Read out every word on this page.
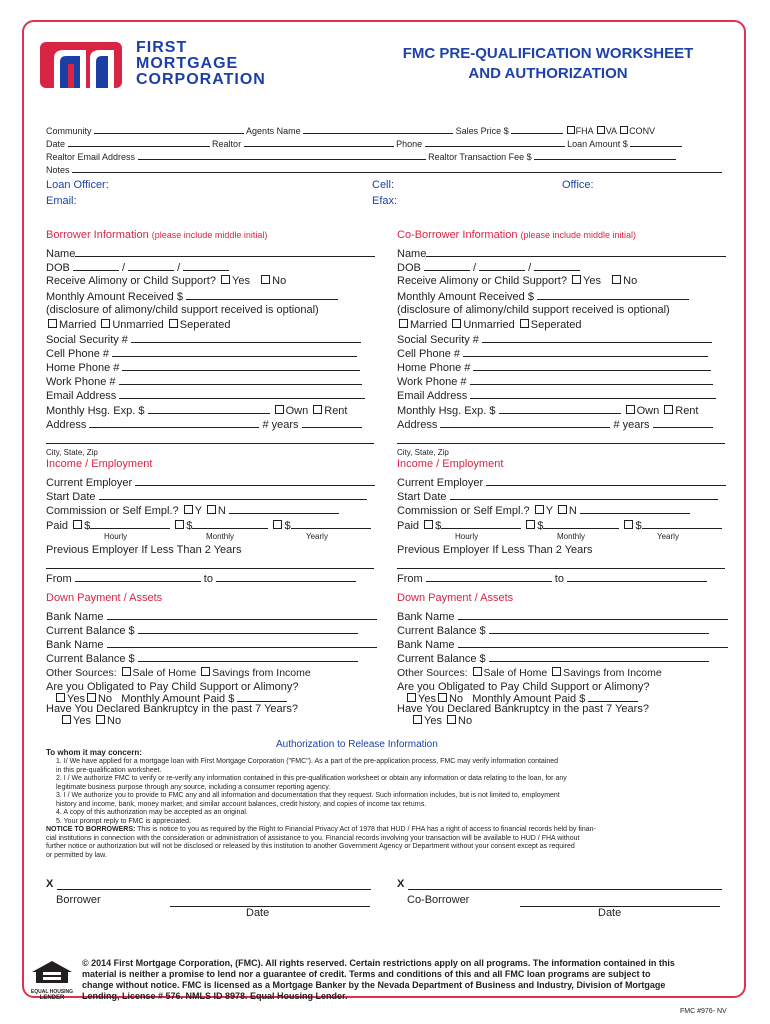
FIRST
MORTGAGE
CORPORATION
FMC PRE-QUALIFICATION WORKSHEET
AND AUTHORIZATION
Community	Agents Name	Sales Price $	FHA VA CONV
Date	Realtor	Phone	Loan Amount $
Realtor Email Address	Realtor Transaction Fee $
Notes
Loan Officer:	Cell:	Office:
Email:	Efax:
Borrower Information (please include middle initial)
Name
DOB	/	/
Receive Alimony or Child Support? Yes No
Monthly Amount Received $
(disclosure of alimony/child support received is optional)
Married Unmarried Seperated
Social Security #
Cell Phone #
Home Phone #
Work Phone #
Email Address
Monthly Hsg. Exp. $	Own Rent
Address	# years
City, State, Zip
Income / Employment
Current Employer
Start Date
Commission or Self Empl.? Y N
Paid $	$	$
Hourly	Monthly	Yearly
Previous Employer If Less Than 2 Years
From	to
Down Payment / Assets
Bank Name
Current Balance $
Bank Name
Current Balance $
Other Sources: Sale of Home Savings from Income
Are you Obligated to Pay Child Support or Alimony?
Yes No Monthly Amount Paid $
Have You Declared Bankruptcy in the past 7 Years?
Yes No
Co-Borrower Information (please include middle initial)
Name
DOB	/	/
Receive Alimony or Child Support? Yes No
Monthly Amount Received $
(disclosure of alimony/child support received is optional)
Married Unmarried Seperated
Social Security #
Cell Phone #
Home Phone #
Work Phone #
Email Address
Monthly Hsg. Exp. $	Own Rent
Address	# years
City, State, Zip
Income / Employment
Current Employer
Start Date
Commission or Self Empl.? Y N
Paid $	$	$
Hourly	Monthly	Yearly
Previous Employer If Less Than 2 Years
From	to
Down Payment / Assets
Bank Name
Current Balance $
Bank Name
Current Balance $
Other Sources: Sale of Home Savings from Income
Are you Obligated to Pay Child Support or Alimony?
Yes No Monthly Amount Paid $
Have You Declared Bankruptcy in the past 7 Years?
Yes No
Authorization to Release Information
To whom it may concern:
1. I/ We have applied for a mortgage loan with First Mortgage Corporation ("FMC"). As a part of the pre-application process, FMC may verify information contained
in this pre-qualification worksheet.
2. I / We authorize FMC to verify or re-verify any information contained in this pre-qualification worksheet or obtain any information or data relating to the loan, for any
legitimate business purpose through any source, including a consumer reporting agency.
3. I / We authorize you to provide to FMC any and all information and documentation that they request. Such information includes, but is not limited to, employment
history and income, bank, money market, and similar account balances, credit history, and copies of income tax returns.
4. A copy of this authorization may be accepted as an original.
5. Your prompt reply to FMC is appreciated.
NOTICE TO BORROWERS: This is notice to you as required by the Right to Financial Privacy Act of 1978 that HUD / FHA has a right of access to financial records held by finan-
cial institutions in connection with the consideration or administration of assistance to you. Financial records involving your transaction will be available to HUD / FHA without
further notice or authorization but will not be disclosed or released by this institution to another Government Agency or Department without your consent except as required
or permitted by law.
X
Borrower
Date
X
Co-Borrower
Date
EQUAL HOUSING
LENDER
© 2014 First Mortgage Corporation, (FMC). All rights reserved. Certain restrictions apply on all programs. The information contained in this
material is neither a promise to lend nor a guarantee of credit. Terms and conditions of this and all FMC loan programs are subject to
change without notice. FMC is licensed as a Mortgage Banker by the Nevada Department of Business and Industry, Division of Mortgage
Lending, License # 576. NMLS ID 8978. Equal Housing Lender.
FMC #976- NV
